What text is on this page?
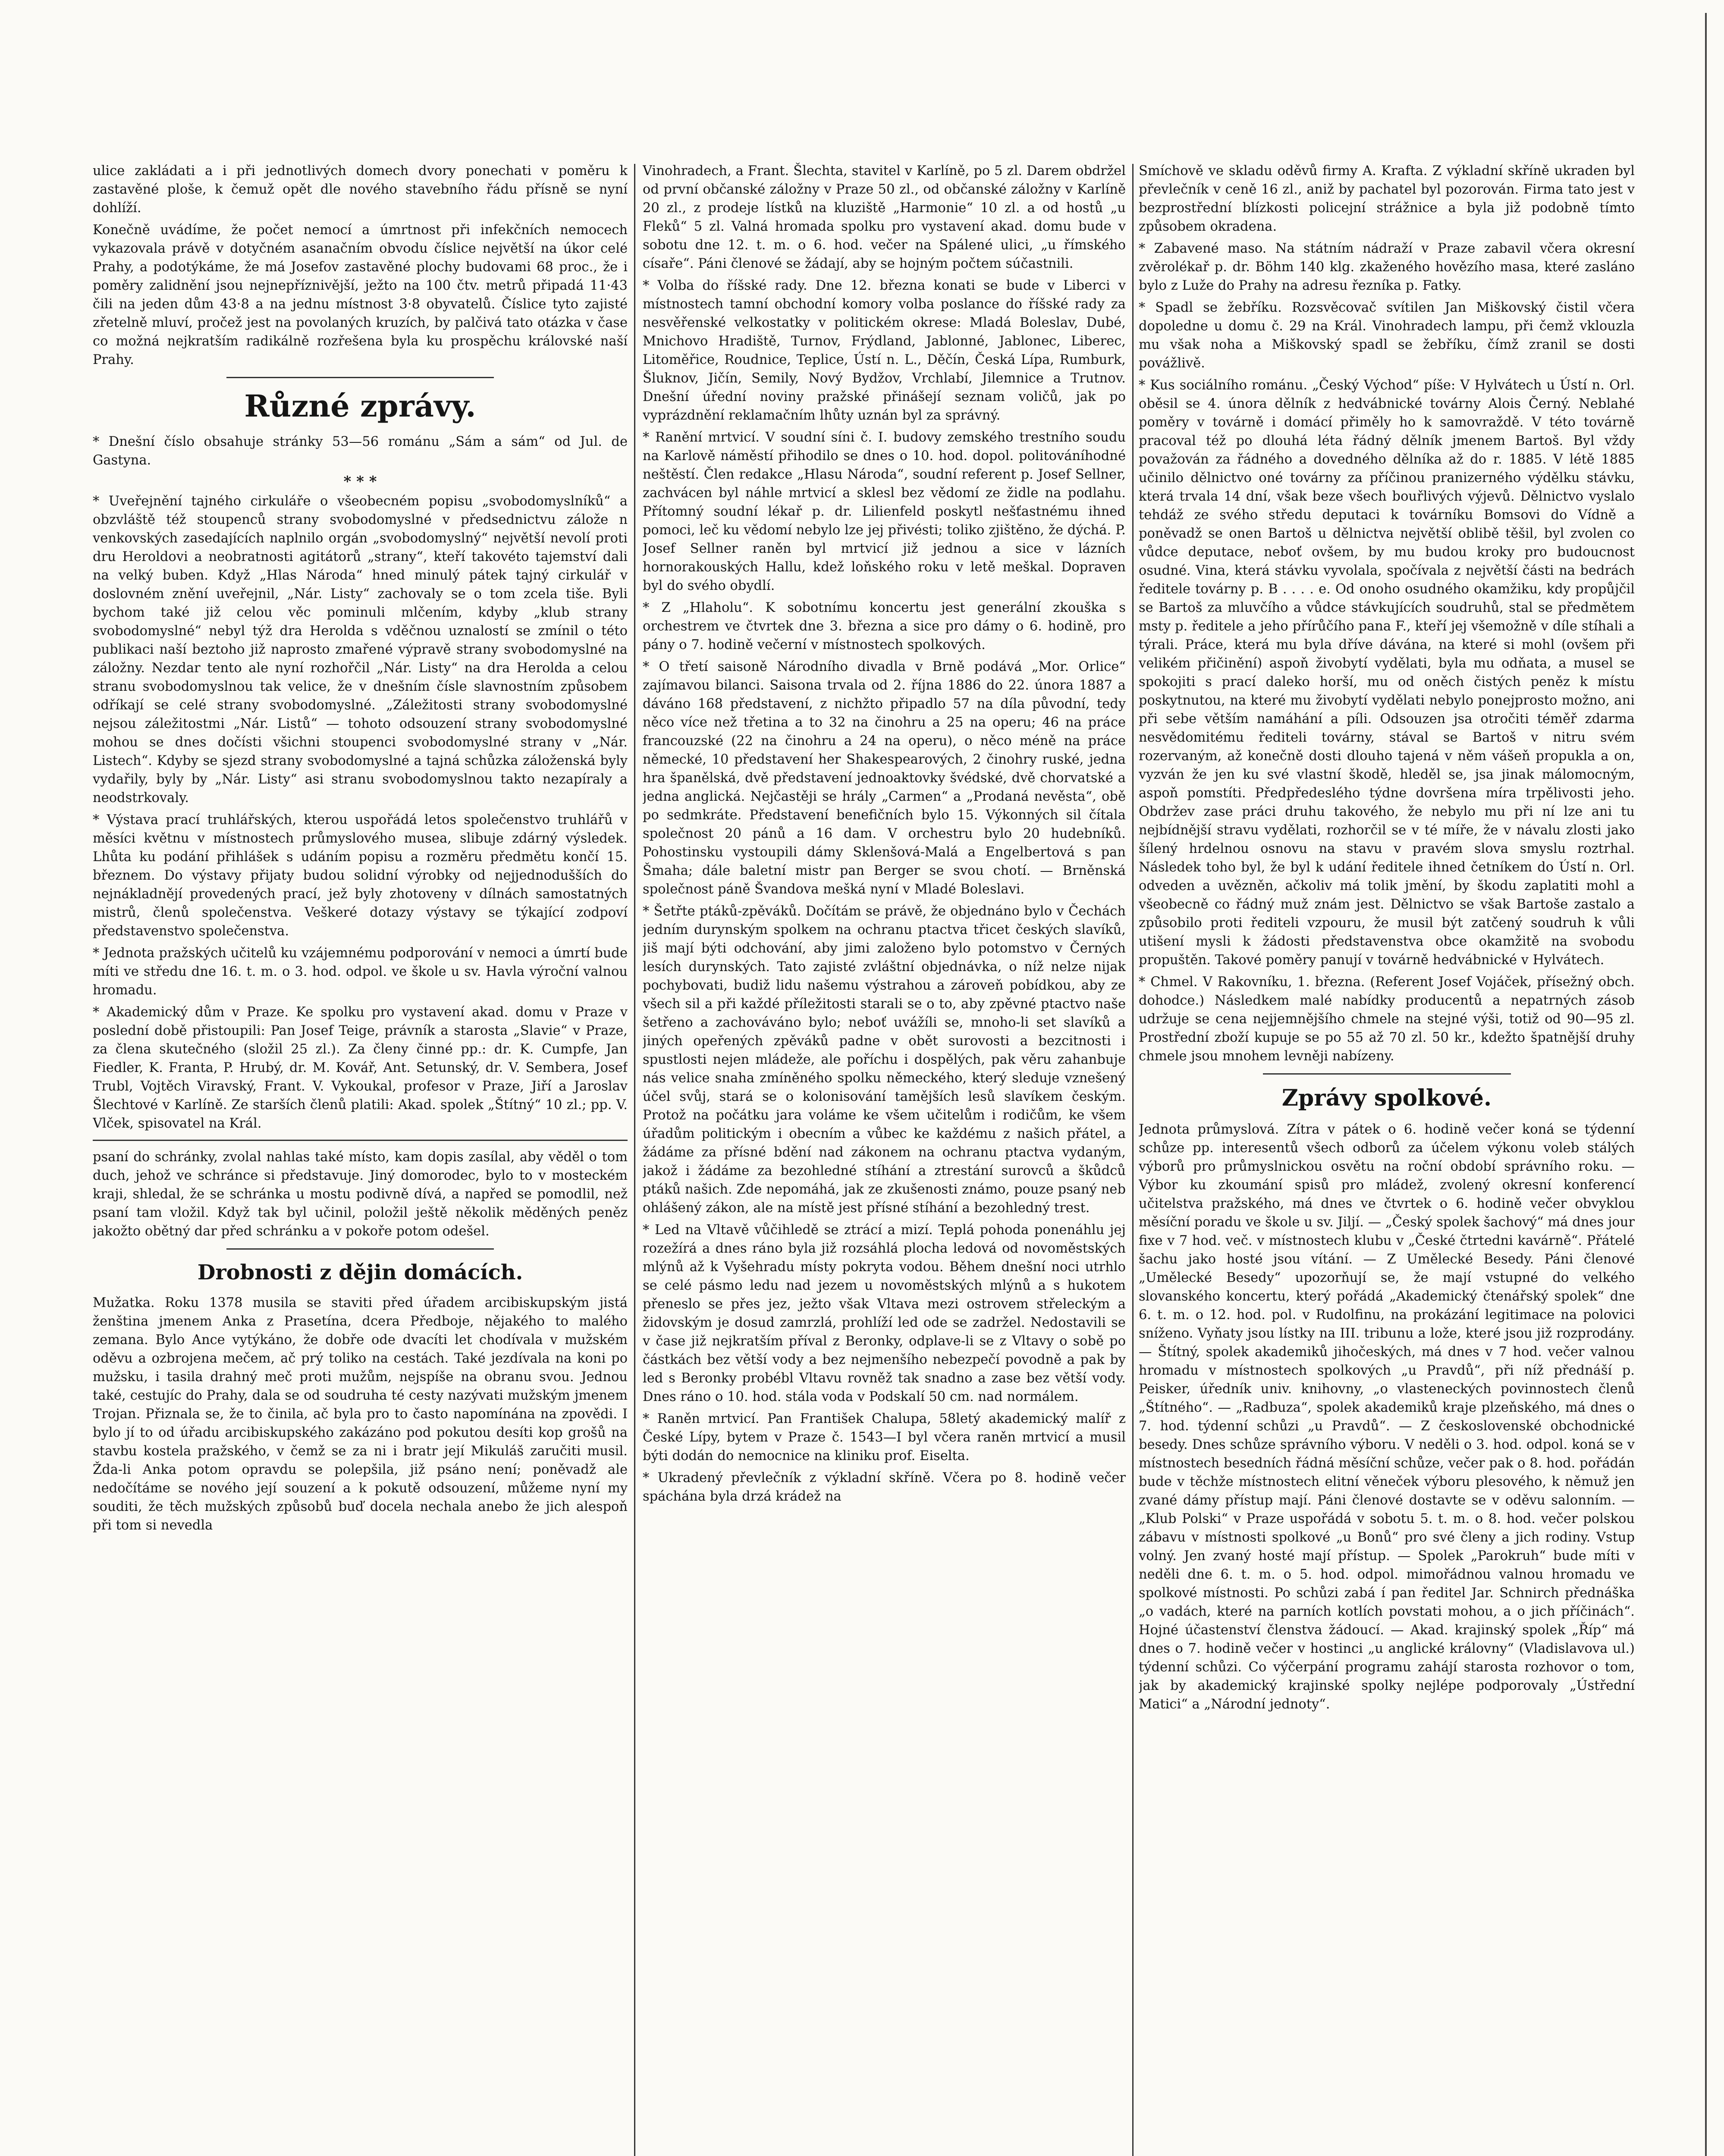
ulice zakládati a i při jednotlivých domech dvory ponechati v poměru k zastavěné ploše, k čemuž opět dle nového stavebního řádu přísně se nyní dohlíží.

Konečně uvádíme, že počet nemocí a úmrtnost při infekčních nemocech vykazovala právě v dotyčném asanačním obvodu číslice největší na úkor celé Prahy, a podotýkáme, že má Josefov zastavěné plochy budovami 68 proc., že i poměry zalidnění jsou nejnepříznivější, ježto na 100 čtv. metrů připadá 11·43 čili na jeden dům 43·8 a na jednu místnost 3·8 obyvatelů. Číslice tyto zajisté zřetelně mluví, pročež jest na povolaných kruzích, by palčivá tato otázka v čase co možná nejkratším radikálně rozřešena byla ku prospěchu královské naší Prahy.

Různé zprávy.

* Dnešní číslo obsahuje stránky 53—56 románu „Sám a sám“ od Jul. de Gastyna.

* * *

* Uveřejnění tajného cirkuláře o všeobecném popisu „svobodomyslníků“ a obzvláště též stoupenců strany svobodomyslné v předsednictvu zálože n venkovských zasedajících naplnilo orgán „svobodomyslný“ největší nevolí proti dru Heroldovi a neobratnosti agitátorů „strany“, kteří takovéto tajemství dali na velký buben. Když „Hlas Národa“ hned minulý pátek tajný cirkulář v doslovném znění uveřejnil, „Nár. Listy“ zachovaly se o tom zcela tiše. Byli bychom také již celou věc pominuli mlčením, kdyby „klub strany svobodomyslné“ nebyl týž dra Herolda s vděčnou uznalostí se zmínil o této publikaci naší beztoho již naprosto zmařené výpravě strany svobodomyslné na záložny. Nezdar tento ale nyní rozhořčil „Nár. Listy“ na dra Herolda a celou stranu svobodomyslnou tak velice, že v dnešním čísle slavnostním způsobem odříkají se celé strany svobodomyslné. „Záležitosti strany svobodomyslné nejsou záležitostmi „Nár. Listů“ — tohoto odsouzení strany svobodomyslné mohou se dnes dočísti všichni stoupenci svobodomyslné strany v „Nár. Listech“. Kdyby se sjezd strany svobodomyslné a tajná schůzka záloženská byly vydařily, byly by „Nár. Listy“ asi stranu svobodomyslnou takto nezapíraly a neodstrkovaly.

* Výstava prací truhlářských, kterou uspořádá letos společenstvo truhlářů v měsíci květnu v místnostech průmyslového musea, slibuje zdárný výsledek. Lhůta ku podání přihlášek s udáním popisu a rozměru předmětu končí 15. březnem. Do výstavy přijaty budou solidní výrobky od nejjednodušších do nejnákladnějí provedených prací, jež byly zhotoveny v dílnách samostatných mistrů, členů společenstva. Veškeré dotazy výstavy se týkající zodpoví představenstvo společenstva.

* Jednota pražských učitelů ku vzájemnému podporování v nemoci a úmrtí bude míti ve středu dne 16. t. m. o 3. hod. odpol. ve škole u sv. Havla výroční valnou hromadu.

* Akademický dům v Praze. Ke spolku pro vystavení akad. domu v Praze v poslední době přistoupili: Pan Josef Teige, právník a starosta „Slavie“ v Praze, za člena skutečného (složil 25 zl.). Za členy činné pp.: dr. K. Cumpfe, Jan Fiedler, K. Franta, P. Hrubý, dr. M. Kovář, Ant. Setunský, dr. V. Sembera, Josef Trubl, Vojtěch Viravský, Frant. V. Vykoukal, profesor v Praze, Jiří a Jaroslav Šlechtové v Karlíně. Ze starších členů platili: Akad. spolek „Štítný“ 10 zl.; pp. V. Vlček, spisovatel na Král.

psaní do schránky, zvolal nahlas také místo, kam dopis zasílal, aby věděl o tom duch, jehož ve schránce si představuje. Jiný domorodec, bylo to v mosteckém kraji, shledal, že se schránka u mostu podivně dívá, a napřed se pomodlil, než psaní tam vložil. Když tak byl učinil, položil ještě několik měděných peněz jakožto obětný dar před schránku a v pokoře potom odešel.

Drobnosti z dějin domácích.

Mužatka. Roku 1378 musila se staviti před úřadem arcibiskupským jistá ženština jmenem Anka z Prasetína, dcera Předboje, nějakého to malého zemana. Bylo Ance vytýkáno, že dobře ode dvacíti let chodívala v mužském oděvu a ozbrojena mečem, ač prý toliko na cestách. Také jezdívala na koni po mužsku, i tasila drahný meč proti mužům, nejspíše na obranu svou. Jednou také, cestujíc do Prahy, dala se od soudruha té cesty nazývati mužským jmenem Trojan. Přiznala se, že to činila, ač byla pro to často napomínána na zpovědi. I bylo jí to od úřadu arcibiskupského zakázáno pod pokutou desíti kop grošů na stavbu kostela pražského, v čemž se za ni i bratr její Mikuláš zaručiti musil. Žda-li Anka potom opravdu se polepšila, již psáno není; poněvadž ale nedočítáme se nového její souzení a k pokutě odsouzení, můžeme nyní my souditi, že těch mužských způsobů buď docela nechala anebo že jich alespoň při tom si nevedla

Vinohradech, a Frant. Šlechta, stavitel v Karlíně, po 5 zl. Darem obdržel od první občanské záložny v Praze 50 zl., od občanské záložny v Karlíně 20 zl., z prodeje lístků na kluziště „Harmonie“ 10 zl. a od hostů „u Fleků“ 5 zl. Valná hromada spolku pro vystavení akad. domu bude v sobotu dne 12. t. m. o 6. hod. večer na Spálené ulici, „u římského císaře“. Páni členové se žádají, aby se hojným počtem súčastnili.

* Volba do říšské rady. Dne 12. března konati se bude v Liberci v místnostech tamní obchodní komory volba poslance do říšské rady za nesvěřenské velkostatky v politickém okrese: Mladá Boleslav, Dubé, Mnichovo Hradiště, Turnov, Frýdland, Jablonné, Jablonec, Liberec, Litoměřice, Roudnice, Teplice, Ústí n. L., Děčín, Česká Lípa, Rumburk, Šluknov, Jičín, Semily, Nový Bydžov, Vrchlabí, Jilemnice a Trutnov. Dnešní úřední noviny pražské přinášejí seznam voličů, jak po vyprázdnění reklamačním lhůty uznán byl za správný.

* Ranění mrtvicí. V soudní síni č. I. budovy zemského trestního soudu na Karlově náměstí přihodilo se dnes o 10. hod. dopol. politováníhodné neštěstí. Člen redakce „Hlasu Národa“, soudní referent p. Josef Sellner, zachvácen byl náhle mrtvicí a sklesl bez vědomí ze židle na podlahu. Přítomný soudní lékař p. dr. Lilienfeld poskytl nešťastnému ihned pomoci, leč ku vědomí nebylo lze jej přivésti; toliko zjištěno, že dýchá. P. Josef Sellner raněn byl mrtvicí již jednou a sice v lázních hornorakouských Hallu, kdež loňského roku v letě meškal. Dopraven byl do svého obydlí.

* Z „Hlaholu“. K sobotnímu koncertu jest generální zkouška s orchestrem ve čtvrtek dne 3. března a sice pro dámy o 6. hodině, pro pány o 7. hodině večerní v místnostech spolkových.

* O třetí saisoně Národního divadla v Brně podává „Mor. Orlice“ zajímavou bilanci. Saisona trvala od 2. října 1886 do 22. února 1887 a dáváno 168 představení, z nichžto připadlo 57 na díla původní, tedy něco více než třetina a to 32 na činohru a 25 na operu; 46 na práce francouzské (22 na činohru a 24 na operu), o něco méně na práce německé, 10 představení her Shakespearových, 2 činohry ruské, jedna hra španělská, dvě představení jednoaktovky švédské, dvě chorvatské a jedna anglická. Nejčastěji se hrály „Carmen“ a „Prodaná nevěsta“, obě po sedmkráte. Představení benefičních bylo 15. Výkonných sil čítala společnost 20 pánů a 16 dam. V orchestru bylo 20 hudebníků. Pohostinsku vystoupili dámy Sklenšová-Malá a Engelbertová s pan Šmaha; dále baletní mistr pan Berger se svou chotí. — Brněnská společnost páně Švandova mešká nyní v Mladé Boleslavi.

* Šetřte ptáků-zpěváků. Dočítám se právě, že objednáno bylo v Čechách jedním durynským spolkem na ochranu ptactva třicet českých slavíků, jiš mají býti odchování, aby jimi založeno bylo potomstvo v Černých lesích durynských. Tato zajisté zvláštní objednávka, o níž nelze nijak pochybovati, budiž lidu našemu výstrahou a zároveň pobídkou, aby ze všech sil a při každé příležitosti starali se o to, aby zpěvné ptactvo naše šetřeno a zachováváno bylo; neboť uvážíli se, mnoho-li set slavíků a jiných opeřených zpěváků padne v obět surovosti a bezcitnosti i spustlosti nejen mládeže, ale poříchu i dospělých, pak věru zahanbuje nás velice snaha zmíněného spolku německého, který sleduje vznešený účel svůj, stará se o kolonisování tamějších lesů slavíkem českým. Protož na počátku jara voláme ke všem učitelům i rodičům, ke všem úřadům politickým i obecním a vůbec ke každému z našich přátel, a žádáme za přísné bdění nad zákonem na ochranu ptactva vydaným, jakož i žádáme za bezohledné stíhání a ztrestání surovců a škůdců ptáků našich. Zde nepomáhá, jak ze zkušenosti známo, pouze psaný neb ohlášený zákon, ale na místě jest přísné stíhání a bezohledný trest.

* Led na Vltavě vůčihledě se ztrácí a mizí. Teplá pohoda ponenáhlu jej rozežírá a dnes ráno byla již rozsáhlá plocha ledová od novoměstských mlýnů až k Vyšehradu místy pokryta vodou. Během dnešní noci utrhlo se celé pásmo ledu nad jezem u novoměstských mlýnů a s hukotem přeneslo se přes jez, ježto však Vltava mezi ostrovem střeleckým a židovským je dosud zamrzlá, prohlíží led ode se zadržel. Nedostavili se v čase již nejkratším příval z Beronky, odplave-li se z Vltavy o sobě po částkách bez větší vody a bez nejmenšího nebezpečí povodně a pak by led s Beronky probébl Vltavu rovněž tak snadno a zase bez větší vody. Dnes ráno o 10. hod. stála voda v Podskalí 50 cm. nad normálem.

* Raněn mrtvicí. Pan František Chalupa, 58letý akademický malíř z České Lípy, bytem v Praze č. 1543—I byl včera raněn mrtvicí a musil býti dodán do nemocnice na kliniku prof. Eiselta.

* Ukradený převlečník z výkladní skříně. Včera po 8. hodině večer spáchána byla drzá krádež na

Smíchově ve skladu oděvů firmy A. Krafta. Z výkladní skříně ukraden byl převlečník v ceně 16 zl., aniž by pachatel byl pozorován. Firma tato jest v bezprostřední blízkosti policejní strážnice a byla již podobně tímto způsobem okradena.

* Zabavené maso. Na státním nádraží v Praze zabavil včera okresní zvěrolékař p. dr. Böhm 140 klg. zkaženého hovězího masa, které zasláno bylo z Luže do Prahy na adresu řezníka p. Fatky.

* Spadl se žebříku. Rozsvěcovač svítilen Jan Miškovský čistil včera dopoledne u domu č. 29 na Král. Vinohradech lampu, při čemž vklouzla mu však noha a Miškovský spadl se žebříku, čímž zranil se dosti povážlivě.

* Kus sociálního románu. „Český Východ“ píše: V Hylvátech u Ústí n. Orl. oběsil se 4. února dělník z hedvábnické továrny Alois Černý. Neblahé poměry v továrně i domácí přiměly ho k samovraždě. V této továrně pracoval též po dlouhá léta řádný dělník jmenem Bartoš. Byl vždy považován za řádného a dovedného dělníka až do r. 1885. V létě 1885 učinilo dělnictvo oné továrny za příčinou pranizerného výdělku stávku, která trvala 14 dní, však beze všech bouřlivých výjevů. Dělnictvo vyslalo tehdáž ze svého středu deputaci k továrníku Bomsovi do Vídně a poněvadž se onen Bartoš u dělnictva největší oblibě těšil, byl zvolen co vůdce deputace, neboť ovšem, by mu budou kroky pro budoucnost osudné. Vina, která stávku vyvolala, spočívala z největší části na bedrách ředitele továrny p. B . . . . e. Od onoho osudného okamžiku, kdy propůjčil se Bartoš za mluvčího a vůdce stávkujících soudruhů, stal se předmětem msty p. ředitele a jeho přírůčího pana F., kteří jej všemožně v díle stíhali a týrali. Práce, která mu byla dříve dávána, na které si mohl (ovšem při velikém přičinění) aspoň živobytí vydělati, byla mu odňata, a musel se spokojiti s prací daleko horší, mu od oněch čistých peněz k místu poskytnutou, na které mu živobytí vydělati nebylo ponejprosto možno, ani při sebe větším namáhání a píli. Odsouzen jsa otročiti téměř zdarma nesvědomitému řediteli továrny, stával se Bartoš v nitru svém rozervaným, až konečně dosti dlouho tajená v něm vášeň propukla a on, vyzván že jen ku své vlastní škodě, hleděl se, jsa jinak málomocným, aspoň pomstíti. Předpředeslého týdne dovršena míra trpělivosti jeho. Obdržev zase práci druhu takového, že nebylo mu při ní lze ani tu nejbídnější stravu vydělati, rozhorčil se v té míře, že v návalu zlosti jako šílený hrdelnou osnovu na stavu v pravém slova smyslu roztrhal. Následek toho byl, že byl k udání ředitele ihned četníkem do Ústí n. Orl. odveden a uvězněn, ačkoliv má tolik jmění, by škodu zaplatiti mohl a všeobecně co řádný muž znám jest. Dělnictvo se však Bartoše zastalo a způsobilo proti řediteli vzpouru, že musil být zatčený soudruh k vůli utišení mysli k žádosti představenstva obce okamžitě na svobodu propuštěn. Takové poměry panují v továrně hedvábnické v Hylvátech.

* Chmel. V Rakovníku, 1. března. (Referent Josef Vojáček, přísežný obch. dohodce.) Následkem malé nabídky producentů a nepatrných zásob udržuje se cena nejjemnějšího chmele na stejné výši, totiž od 90—95 zl. Prostřední zboží kupuje se po 55 až 70 zl. 50 kr., kdežto špatnější druhy chmele jsou mnohem levněji nabízeny.

Zprávy spolkové.

Jednota průmyslová. Zítra v pátek o 6. hodině večer koná se týdenní schůze pp. interesentů všech odborů za účelem výkonu voleb stálých výborů pro průmyslnickou osvětu na roční období správního roku. — Výbor ku zkoumání spisů pro mládež, zvolený okresní konferencí učitelstva pražského, má dnes ve čtvrtek o 6. hodině večer obvyklou měsíční poradu ve škole u sv. Jiljí. — „Český spolek šachový“ má dnes jour fixe v 7 hod. več. v místnostech klubu v „České čtrtedni kavárně“. Přátelé šachu jako hosté jsou vítání. — Z Umělecké Besedy. Páni členové „Umělecké Besedy“ upozorňují se, že mají vstupné do velkého slovanského koncertu, který pořádá „Akademický čtenářský spolek“ dne 6. t. m. o 12. hod. pol. v Rudolfinu, na prokázání legitimace na polovici sníženo. Vyňaty jsou lístky na III. tribunu a lože, které jsou již rozprodány. — Štítný, spolek akademiků jihočeských, má dnes v 7 hod. večer valnou hromadu v místnostech spolkových „u Pravdů“, při níž přednáší p. Peisker, úředník univ. knihovny, „o vlasteneckých povinnostech členů „Štítného“. — „Radbuza“, spolek akademiků kraje plzeňského, má dnes o 7. hod. týdenní schůzi „u Pravdů“. — Z československé obchodnické besedy. Dnes schůze správního výboru. V neděli o 3. hod. odpol. koná se v místnostech besedních řádná měsíční schůze, večer pak o 8. hod. pořádán bude v těchže místnostech elitní věneček výboru plesového, k němuž jen zvané dámy přístup mají. Páni členové dostavte se v oděvu salonním. — „Klub Polski“ v Praze uspořádá v sobotu 5. t. m. o 8. hod. večer polskou zábavu v místnosti spolkové „u Bonů“ pro své členy a jich rodiny. Vstup volný. Jen zvaný hosté mají přístup. — Spolek „Parokruh“ bude míti v neděli dne 6. t. m. o 5. hod. odpol. mimořádnou valnou hromadu ve spolkové místnosti. Po schůzi zabá í pan ředitel Jar. Schnirch přednáška „o vadách, které na parních kotlích povstati mohou, a o jich příčinách“. Hojné účastenství členstva žádoucí. — Akad. krajinský spolek „Říp“ má dnes o 7. hodině večer v hostinci „u anglické královny“ (Vladislavova ul.) týdenní schůzi. Co výčerpání programu zahájí starosta rozhovor o tom, jak by akademický krajinské spolky nejlépe podporovaly „Ústřední Matici“ a „Národní jednoty“.
